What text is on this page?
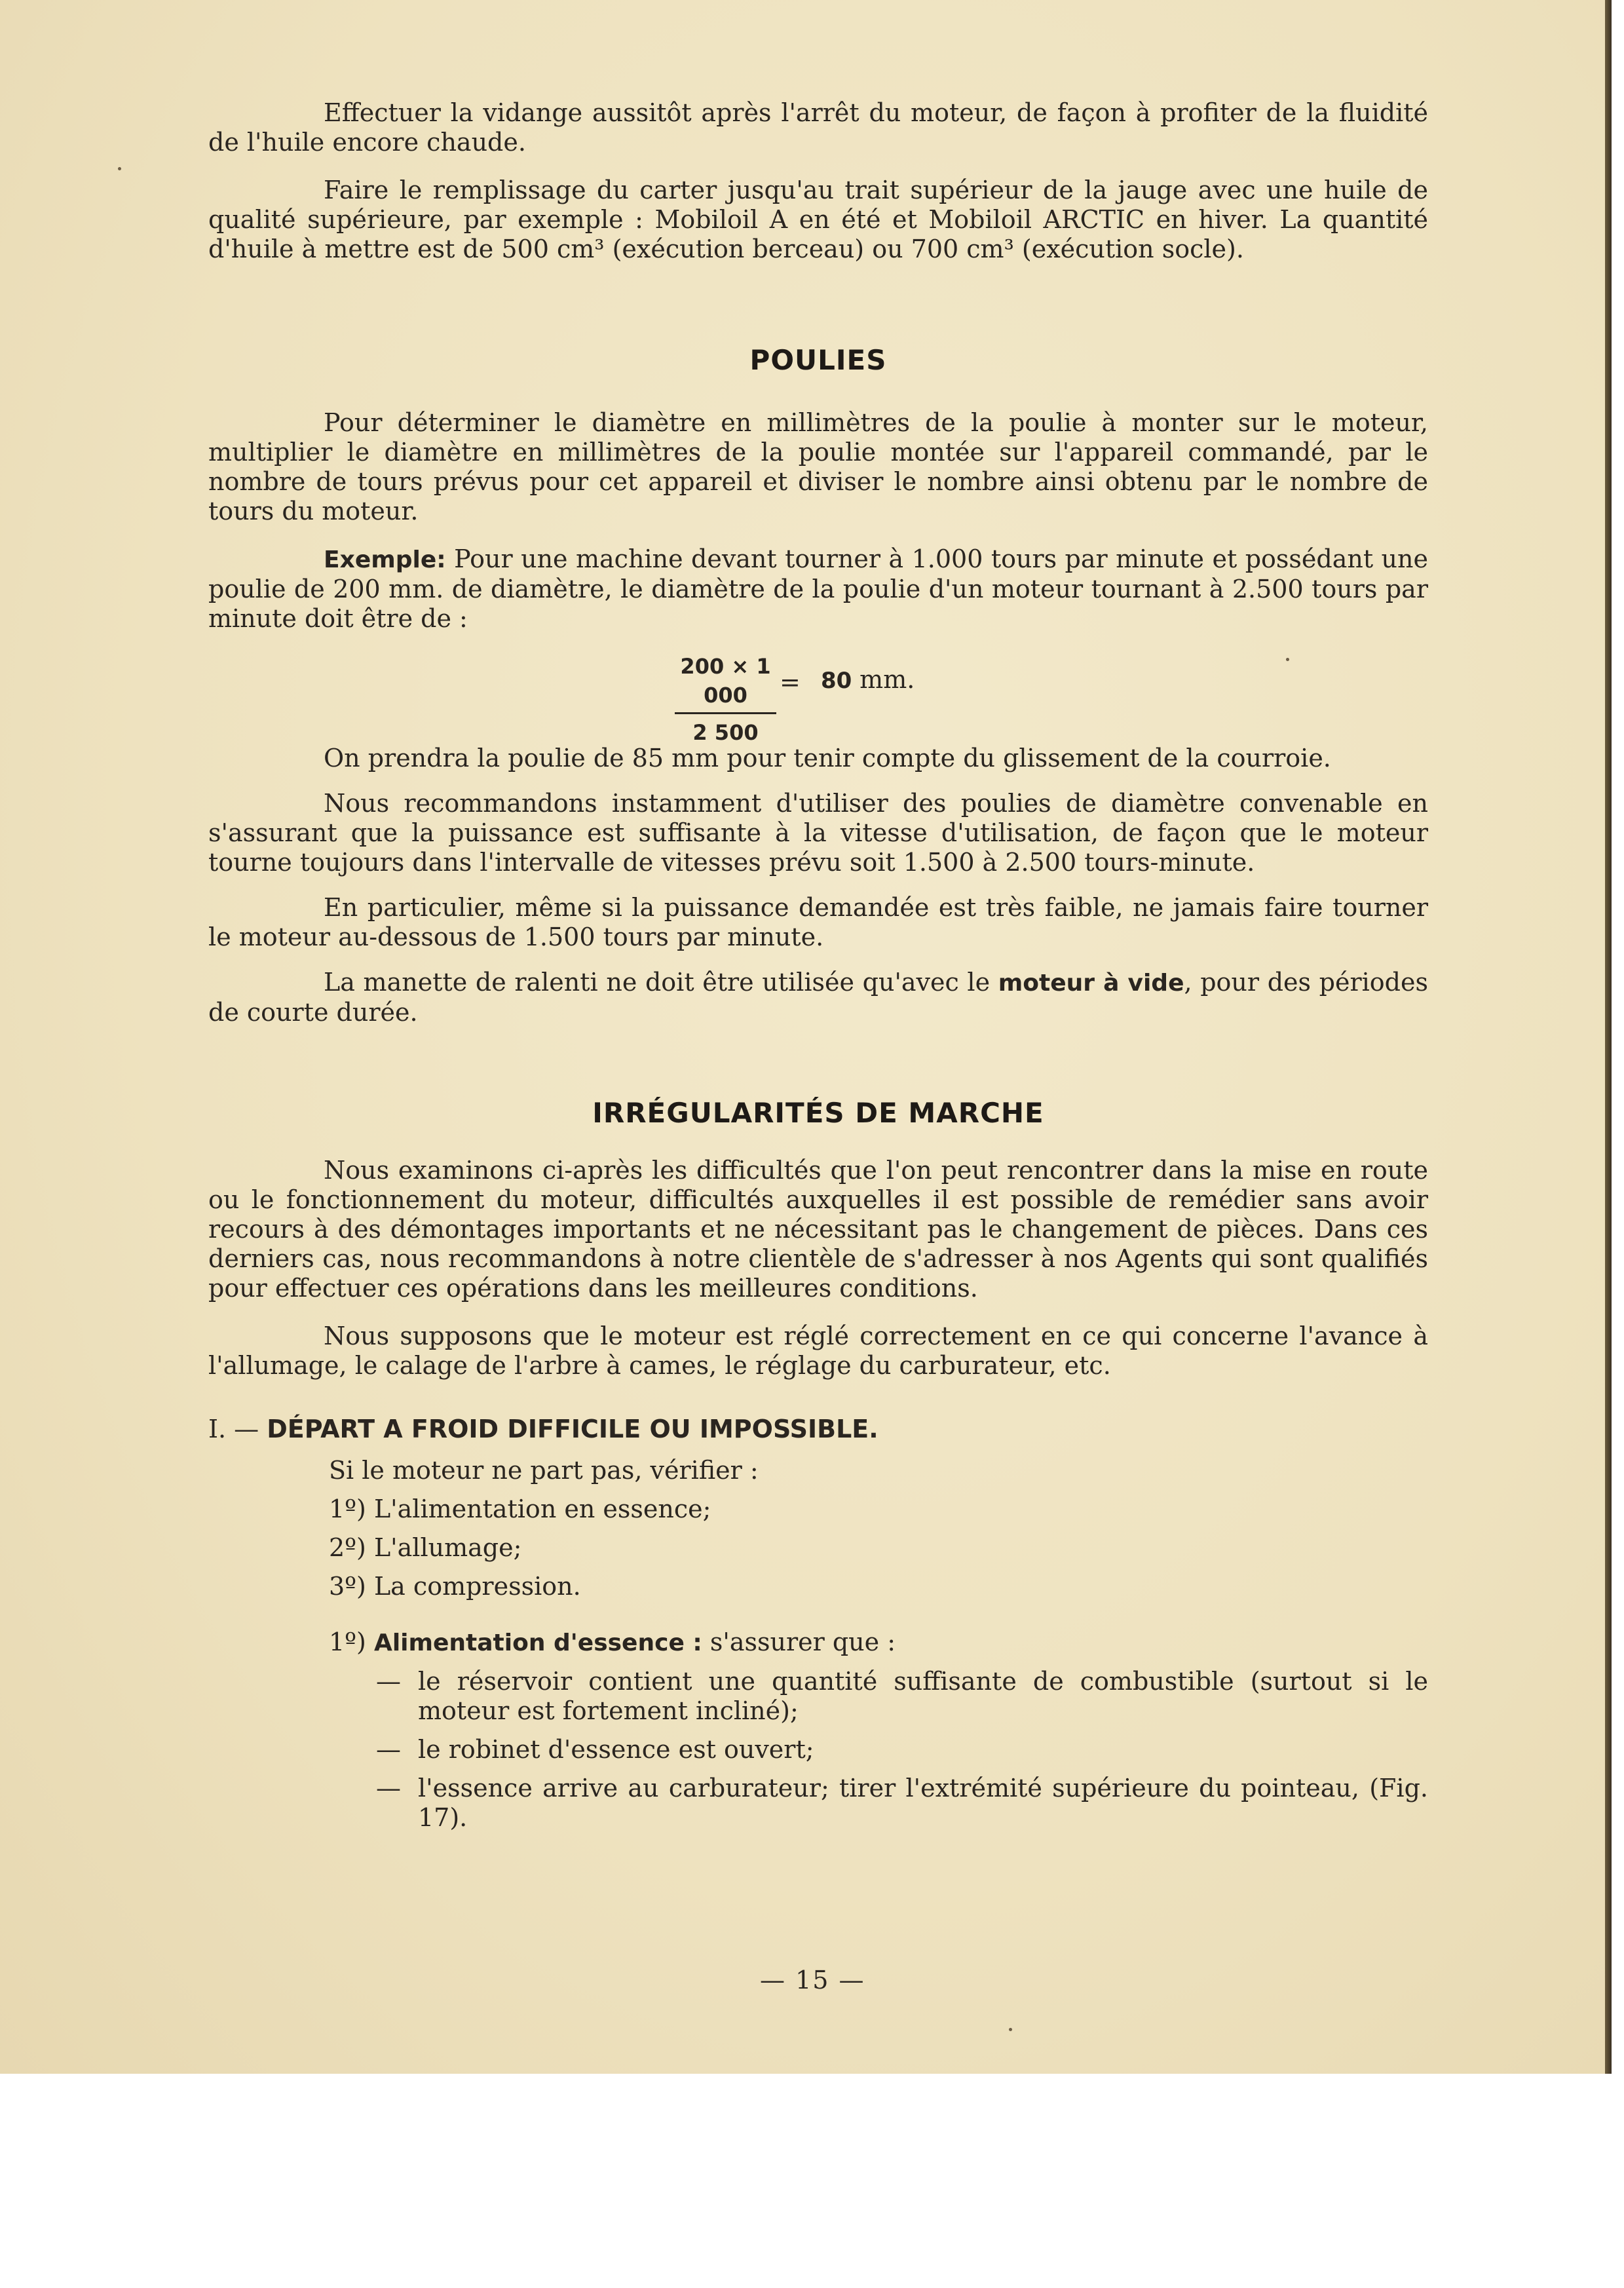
Effectuer la vidange aussitôt après l'arrêt du moteur, de façon à profiter de la fluidité de l'huile encore chaude.

Faire le remplissage du carter jusqu'au trait supérieur de la jauge avec une huile de qualité supérieure, par exemple : Mobiloil A en été et Mobiloil ARCTIC en hiver. La quantité d'huile à mettre est de 500 cm³ (exécution berceau) ou 700 cm³ (exécution socle).

POULIES

Pour déterminer le diamètre en millimètres de la poulie à monter sur le moteur, multiplier le diamètre en millimètres de la poulie montée sur l'appareil commandé, par le nombre de tours prévus pour cet appareil et diviser le nombre ainsi obtenu par le nombre de tours du moteur.

Exemple: Pour une machine devant tourner à 1.000 tours par minute et possédant une poulie de 200 mm. de diamètre, le diamètre de la poulie d'un moteur tournant à 2.500 tours par minute doit être de :

$\frac{200 \times 1 000}{2 500} = 80$ mm.

On prendra la poulie de 85 mm pour tenir compte du glissement de la courroie.

Nous recommandons instamment d'utiliser des poulies de diamètre convenable en s'assurant que la puissance est suffisante à la vitesse d'utilisation, de façon que le moteur tourne toujours dans l'intervalle de vitesses prévu soit 1.500 à 2.500 tours-minute.

En particulier, même si la puissance demandée est très faible, ne jamais faire tourner le moteur au-dessous de 1.500 tours par minute.

La manette de ralenti ne doit être utilisée qu'avec le moteur à vide, pour des périodes de courte durée.

IRRÉGULARITÉS DE MARCHE

Nous examinons ci-après les difficultés que l'on peut rencontrer dans la mise en route ou le fonctionnement du moteur, difficultés auxquelles il est possible de remédier sans avoir recours à des démontages importants et ne nécessitant pas le changement de pièces. Dans ces derniers cas, nous recommandons à notre clientèle de s'adresser à nos Agents qui sont qualifiés pour effectuer ces opérations dans les meilleures conditions.

Nous supposons que le moteur est réglé correctement en ce qui concerne l'avance à l'allumage, le calage de l'arbre à cames, le réglage du carburateur, etc.

I. — DÉPART A FROID DIFFICILE OU IMPOSSIBLE.

Si le moteur ne part pas, vérifier :

1º) L'alimentation en essence;

2º) L'allumage;

3º) La compression.

1º) Alimentation d'essence : s'assurer que :

— le réservoir contient une quantité suffisante de combustible (surtout si le moteur est fortement incliné);
— le robinet d'essence est ouvert;
— l'essence arrive au carburateur; tirer l'extrémité supérieure du pointeau, (Fig. 17).
— 15 —
